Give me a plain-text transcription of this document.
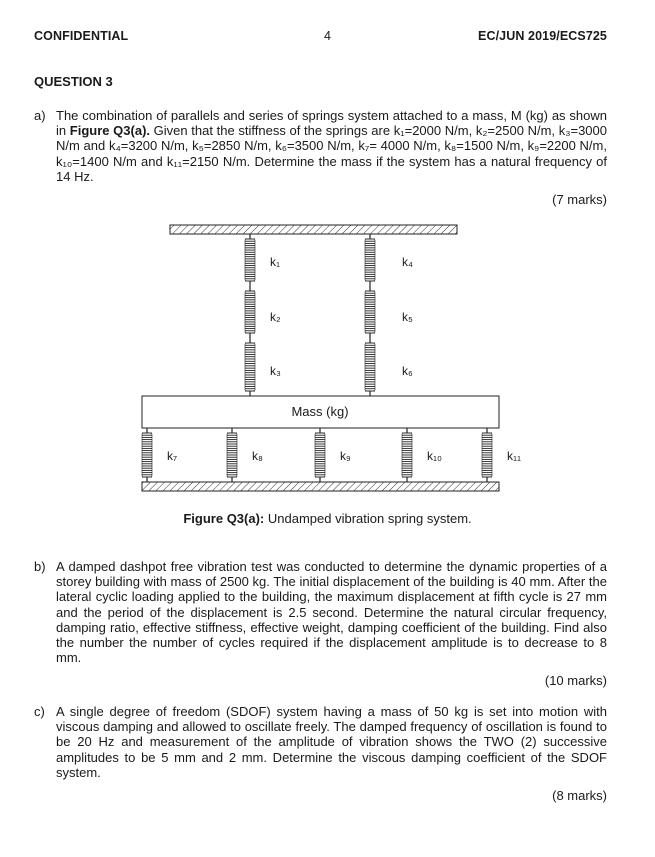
CONFIDENTIAL	4	EC/JUN 2019/ECS725
QUESTION 3
a) The combination of parallels and series of springs system attached to a mass, M (kg) as shown in Figure Q3(a). Given that the stiffness of the springs are k₁=2000 N/m, k₂=2500 N/m, k₃=3000 N/m and k₄=3200 N/m, k₅=2850 N/m, k₆=3500 N/m, k₇= 4000 N/m, k₈=1500 N/m, k₉=2200 N/m, k₁₀=1400 N/m and k₁₁=2150 N/m. Determine the mass if the system has a natural frequency of 14 Hz.
(7 marks)
Mass (kg)
k₁
k₂
k₃
k₄
k₅
k₆
k₇	k₈	k₉	k₁₀	k₁₁
Figure Q3(a): Undamped vibration spring system.
b) A damped dashpot free vibration test was conducted to determine the dynamic properties of a storey building with mass of 2500 kg. The initial displacement of the building is 40 mm. After the lateral cyclic loading applied to the building, the maximum displacement at fifth cycle is 27 mm and the period of the displacement is 2.5 second. Determine the natural circular frequency, damping ratio, effective stiffness, effective weight, damping coefficient of the building. Find also the number the number of cycles required if the displacement amplitude is to decrease to 8 mm.
(10 marks)
c) A single degree of freedom (SDOF) system having a mass of 50 kg is set into motion with viscous damping and allowed to oscillate freely. The damped frequency of oscillation is found to be 20 Hz and measurement of the amplitude of vibration shows the TWO (2) successive amplitudes to be 5 mm and 2 mm. Determine the viscous damping coefficient of the SDOF system.
(8 marks)
